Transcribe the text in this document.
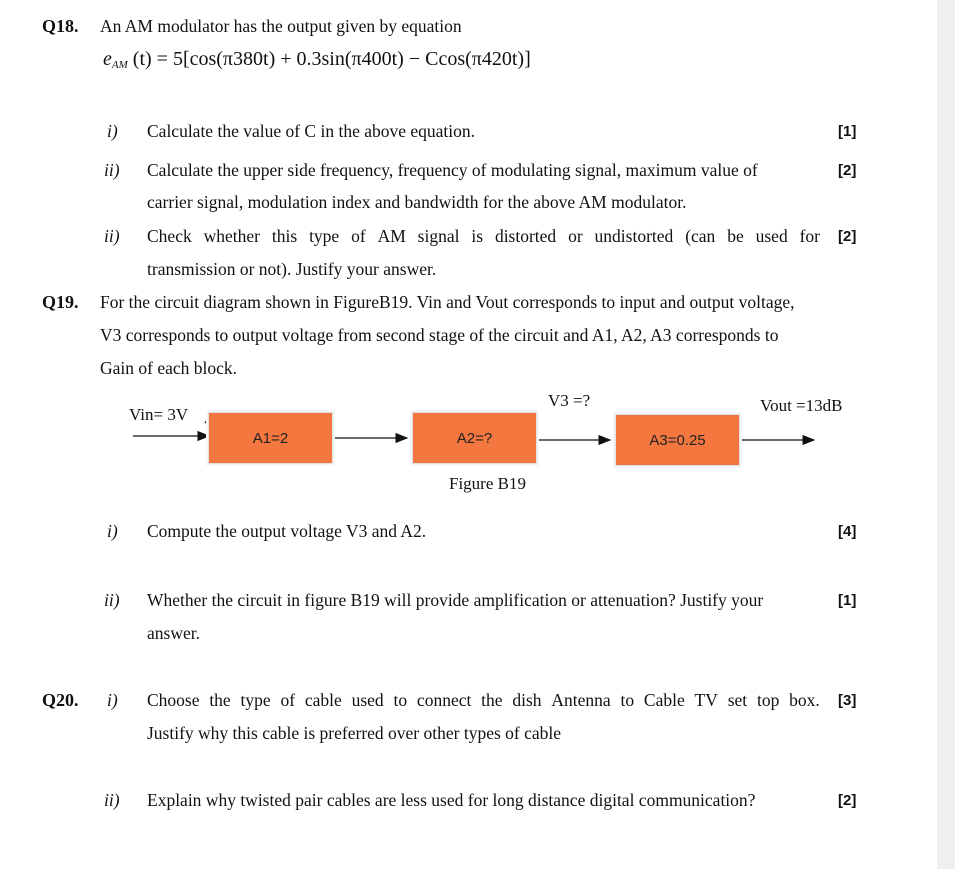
Q18. An AM modulator has the output given by equation
$e_{AM}$ (t) = 5[cos(π380t) + 0.3sin(π400t) − Ccos(π420t)]
i) Calculate the value of C in the above equation.	[1]
ii) Calculate the upper side frequency, frequency of modulating signal, maximum value of	[2]
carrier signal, modulation index and bandwidth for the above AM modulator.
ii) Check whether this type of AM signal is distorted or undistorted (can be used for [2]
transmission or not). Justify your answer.
Q19. For the circuit diagram shown in FigureB19. Vin and Vout corresponds to input and output voltage,
V3 corresponds to output voltage from second stage of the circuit and A1, A2, A3 corresponds to
Gain of each block.
Vin= 3V
A1=2	A2=?
V3 =?
A3=0.25
Vout =13dB
Figure B19
i) Compute the output voltage V3 and A2.	[4]
ii) Whether the circuit in figure B19 will provide amplification or attenuation? Justify your	[1]
answer.
Q20. i) Choose the type of cable used to connect the dish Antenna to Cable TV set top box. [3]
Justify why this cable is preferred over other types of cable
ii) Explain why twisted pair cables are less used for long distance digital communication?	[2]
